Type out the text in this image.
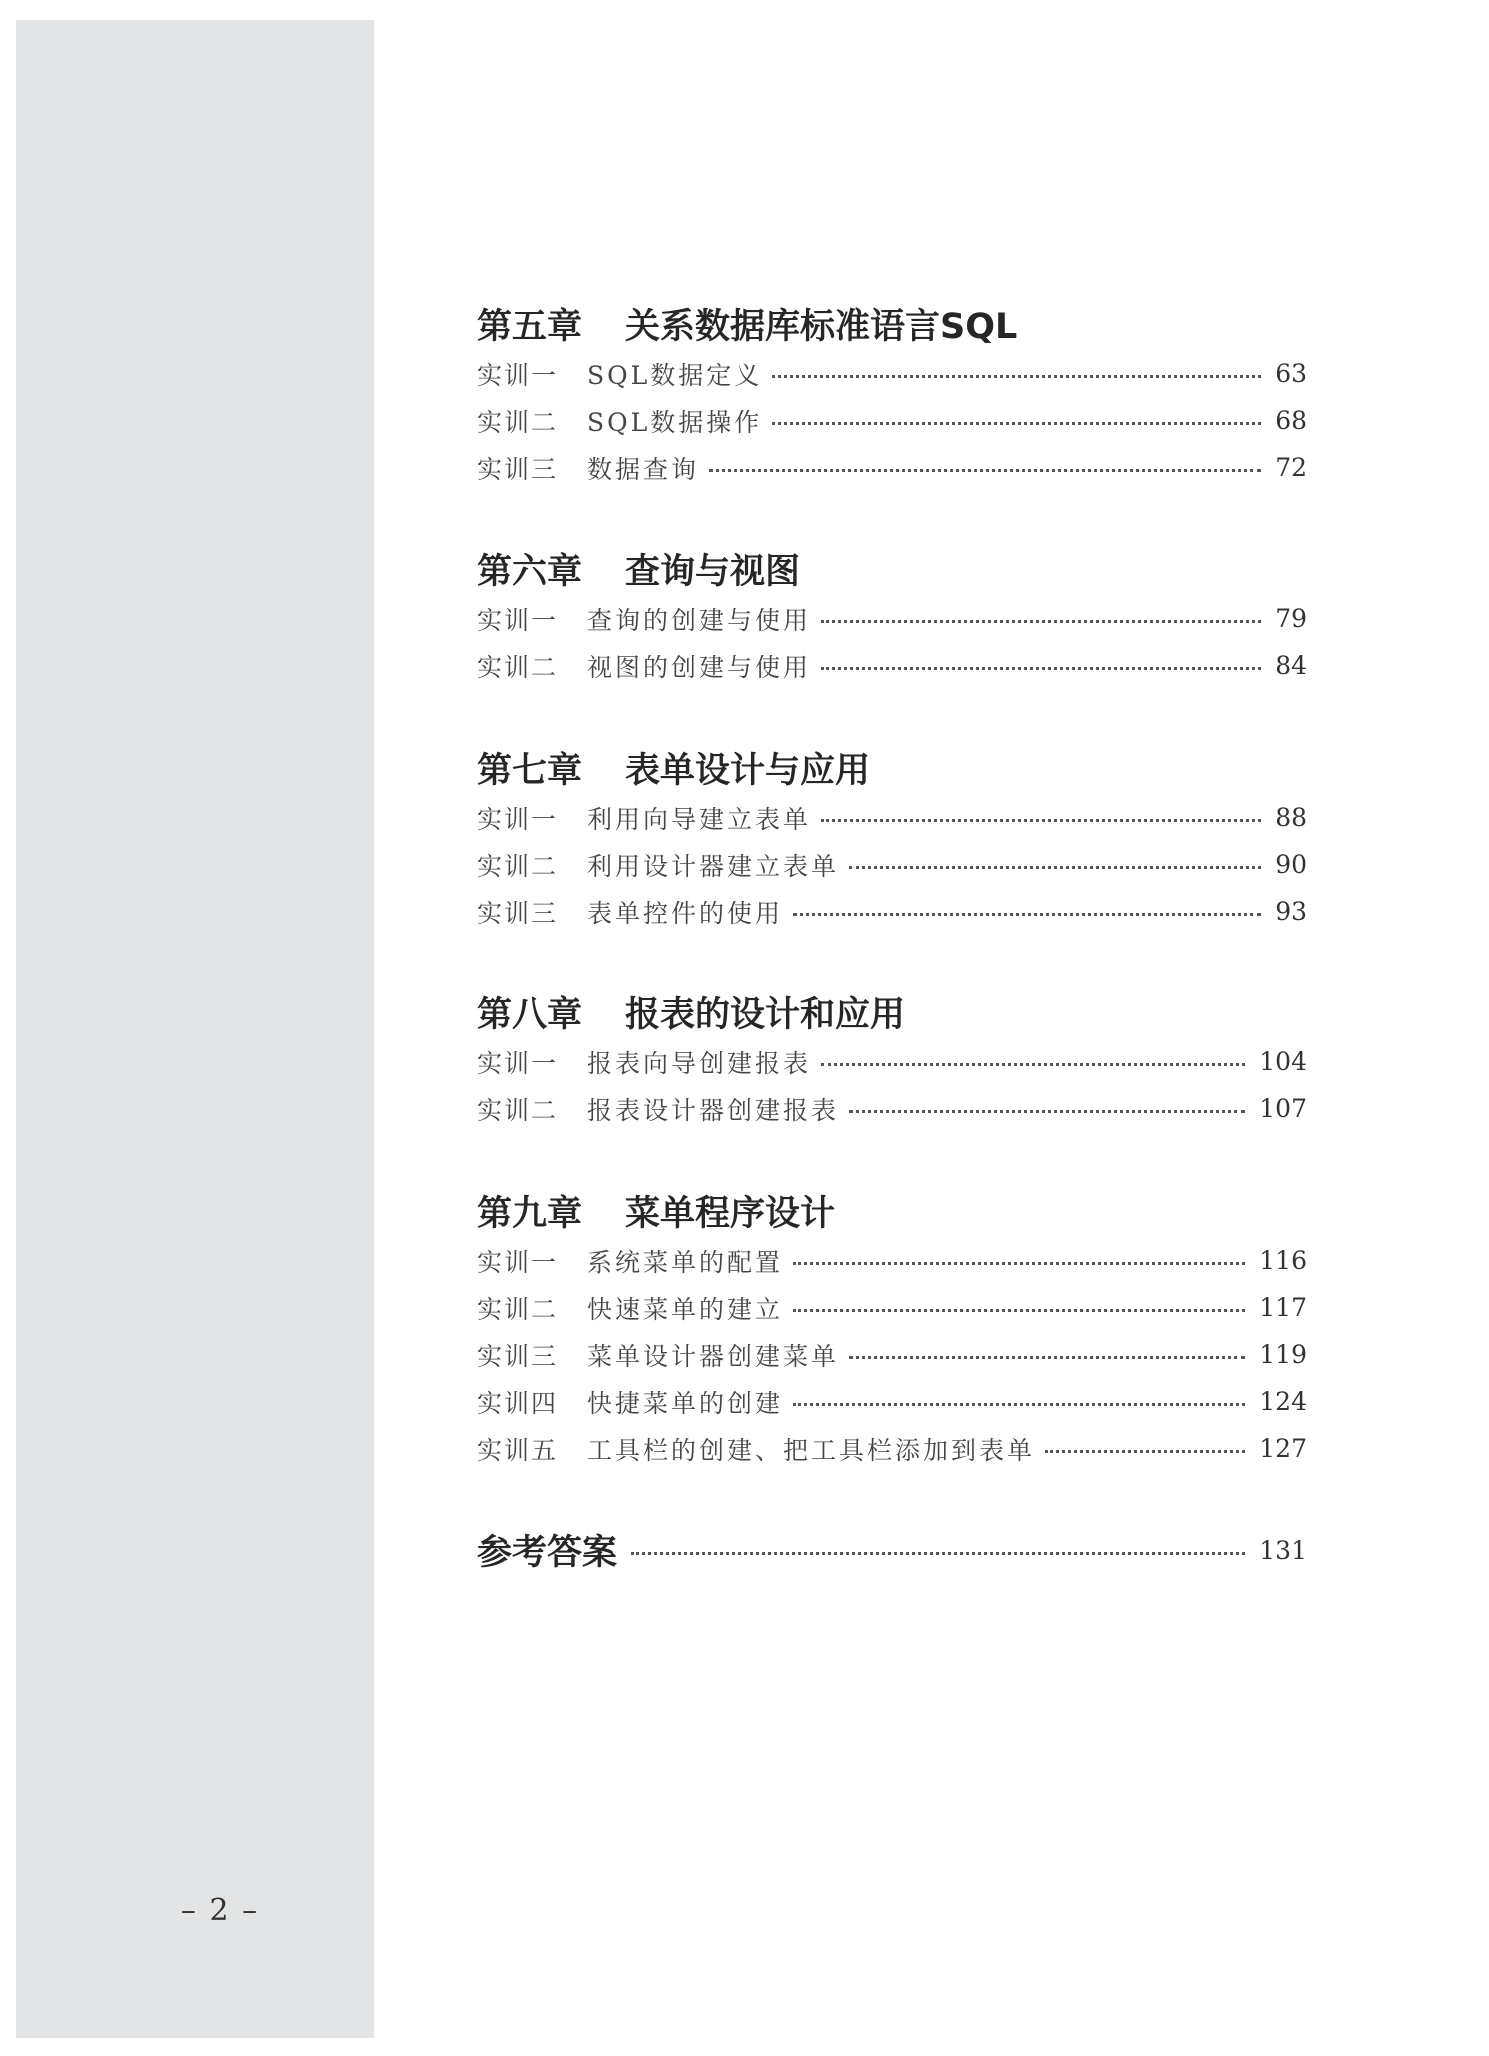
– 2 –
第五章 关系数据库标准语言SQL
实训一	SQL数据定义	63
实训二	SQL数据操作	68
实训三	数据查询	72
第六章 查询与视图
实训一	查询的创建与使用	79
实训二	视图的创建与使用	84
第七章 表单设计与应用
实训一	利用向导建立表单	88
实训二	利用设计器建立表单	90
实训三	表单控件的使用	93
第八章 报表的设计和应用
实训一	报表向导创建报表	104
实训二	报表设计器创建报表	107
第九章 菜单程序设计
实训一	系统菜单的配置	116
实训二	快速菜单的建立	117
实训三	菜单设计器创建菜单	119
实训四	快捷菜单的创建	124
实训五	工具栏的创建、把工具栏添加到表单	127
参考答案	131
